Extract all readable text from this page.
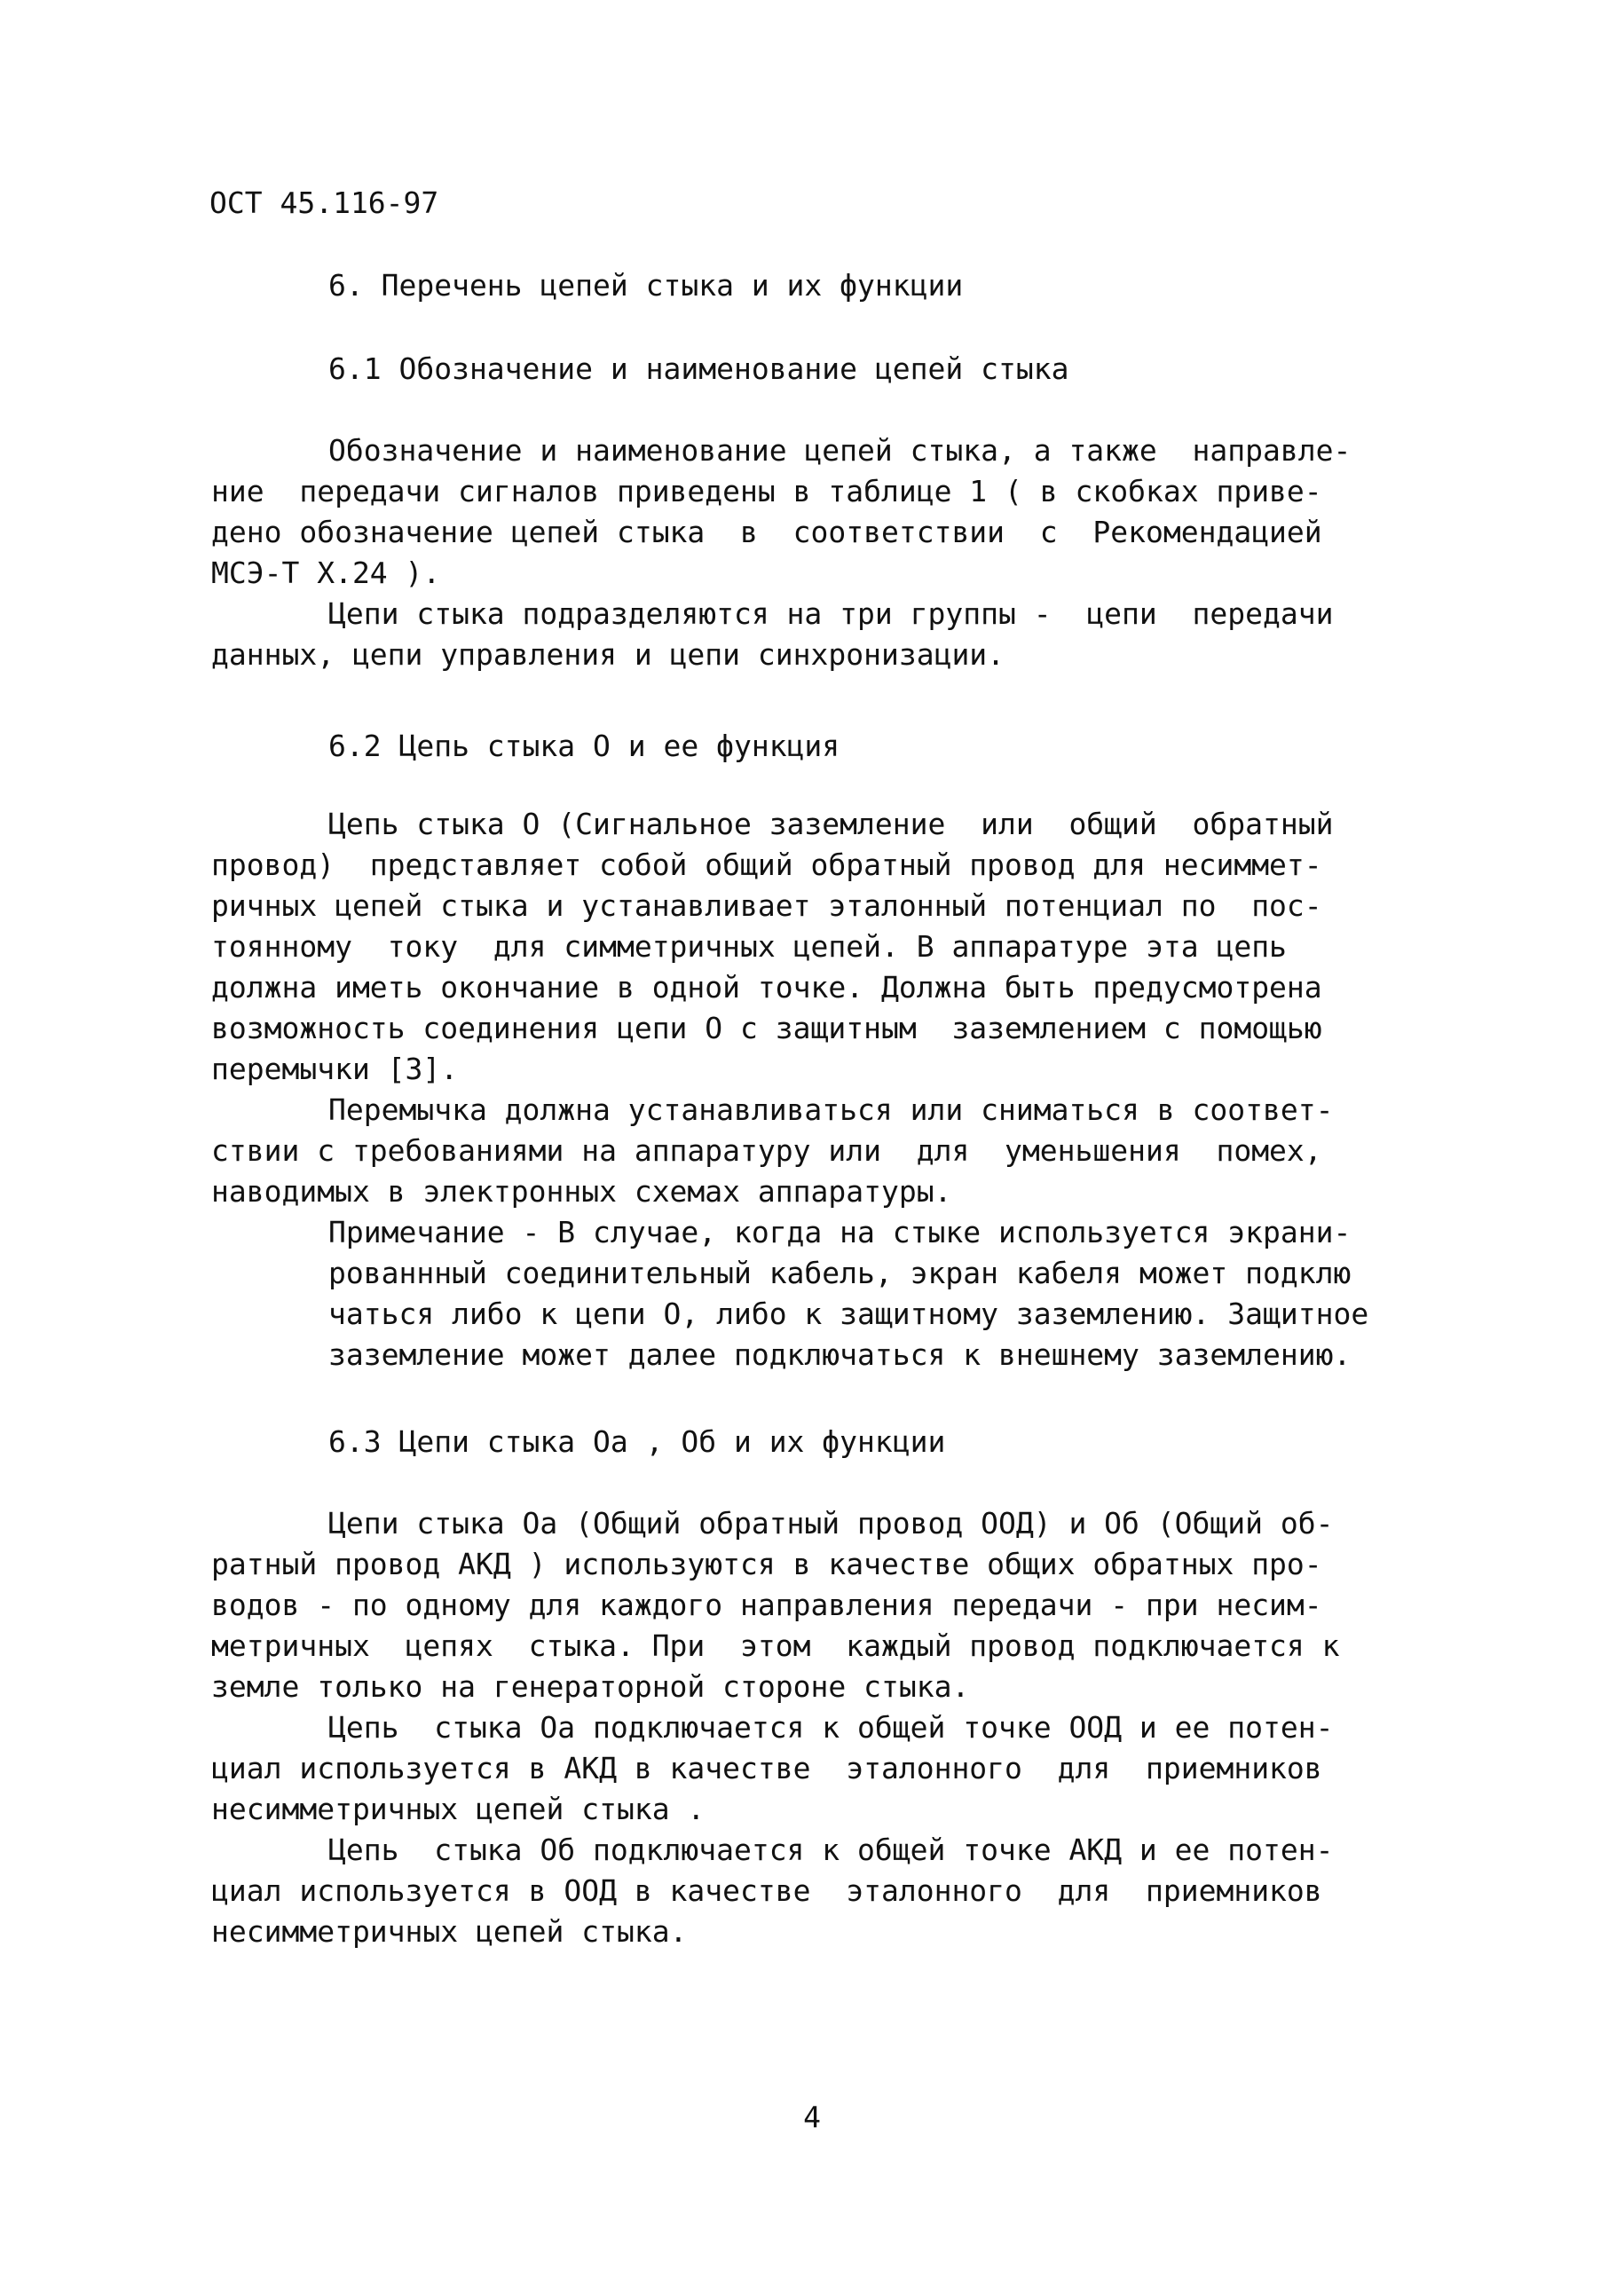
ОСТ 45.116-97
6. Перечень цепей стыка и их функции
6.1 Обозначение и наименование цепей стыка
Обозначение и наименование цепей стыка, а также  направле-
ние  передачи сигналов приведены в таблице 1 ( в скобках приве-
дено обозначение цепей стыка  в  соответствии  с  Рекомендацией
МСЭ-Т X.24 ).
Цепи стыка подразделяются на три группы -  цепи  передачи
данных, цепи управления и цепи синхронизации.
6.2 Цепь стыка O и ее функция
Цепь стыка O (Сигнальное заземление  или  общий  обратный
провод)  представляет собой общий обратный провод для несиммет-
ричных цепей стыка и устанавливает эталонный потенциал по  пос-
тоянному  току  для симметричных цепей. В аппаратуре эта цепь
должна иметь окончание в одной точке. Должна быть предусмотрена
возможность соединения цепи O с защитным  заземлением с помощью
перемычки [3].
Перемычка должна устанавливаться или сниматься в соответ-
ствии с требованиями на аппаратуру или  для  уменьшения  помех,
наводимых в электронных схемах аппаратуры.
Примечание - В случае, когда на стыке используется экрани-
рованнный соединительный кабель, экран кабеля может подклю
чаться либо к цепи O, либо к защитному заземлению. Защитное
заземление может далее подключаться к внешнему заземлению.
6.3 Цепи стыка Оа , Об и их функции
Цепи стыка Оа (Общий обратный провод ООД) и Об (Общий об-
ратный провод АКД ) используются в качестве общих обратных про-
водов - по одному для каждого направления передачи - при несим-
метричных  цепях  стыка. При  этом  каждый провод подключается к
земле только на генераторной стороне стыка.
Цепь  стыка Оа подключается к общей точке ООД и ее потен-
циал используется в АКД в качестве  эталонного  для  приемников
несимметричных цепей стыка .
Цепь  стыка Об подключается к общей точке АКД и ее потен-
циал используется в ООД в качестве  эталонного  для  приемников
несимметричных цепей стыка.
4
